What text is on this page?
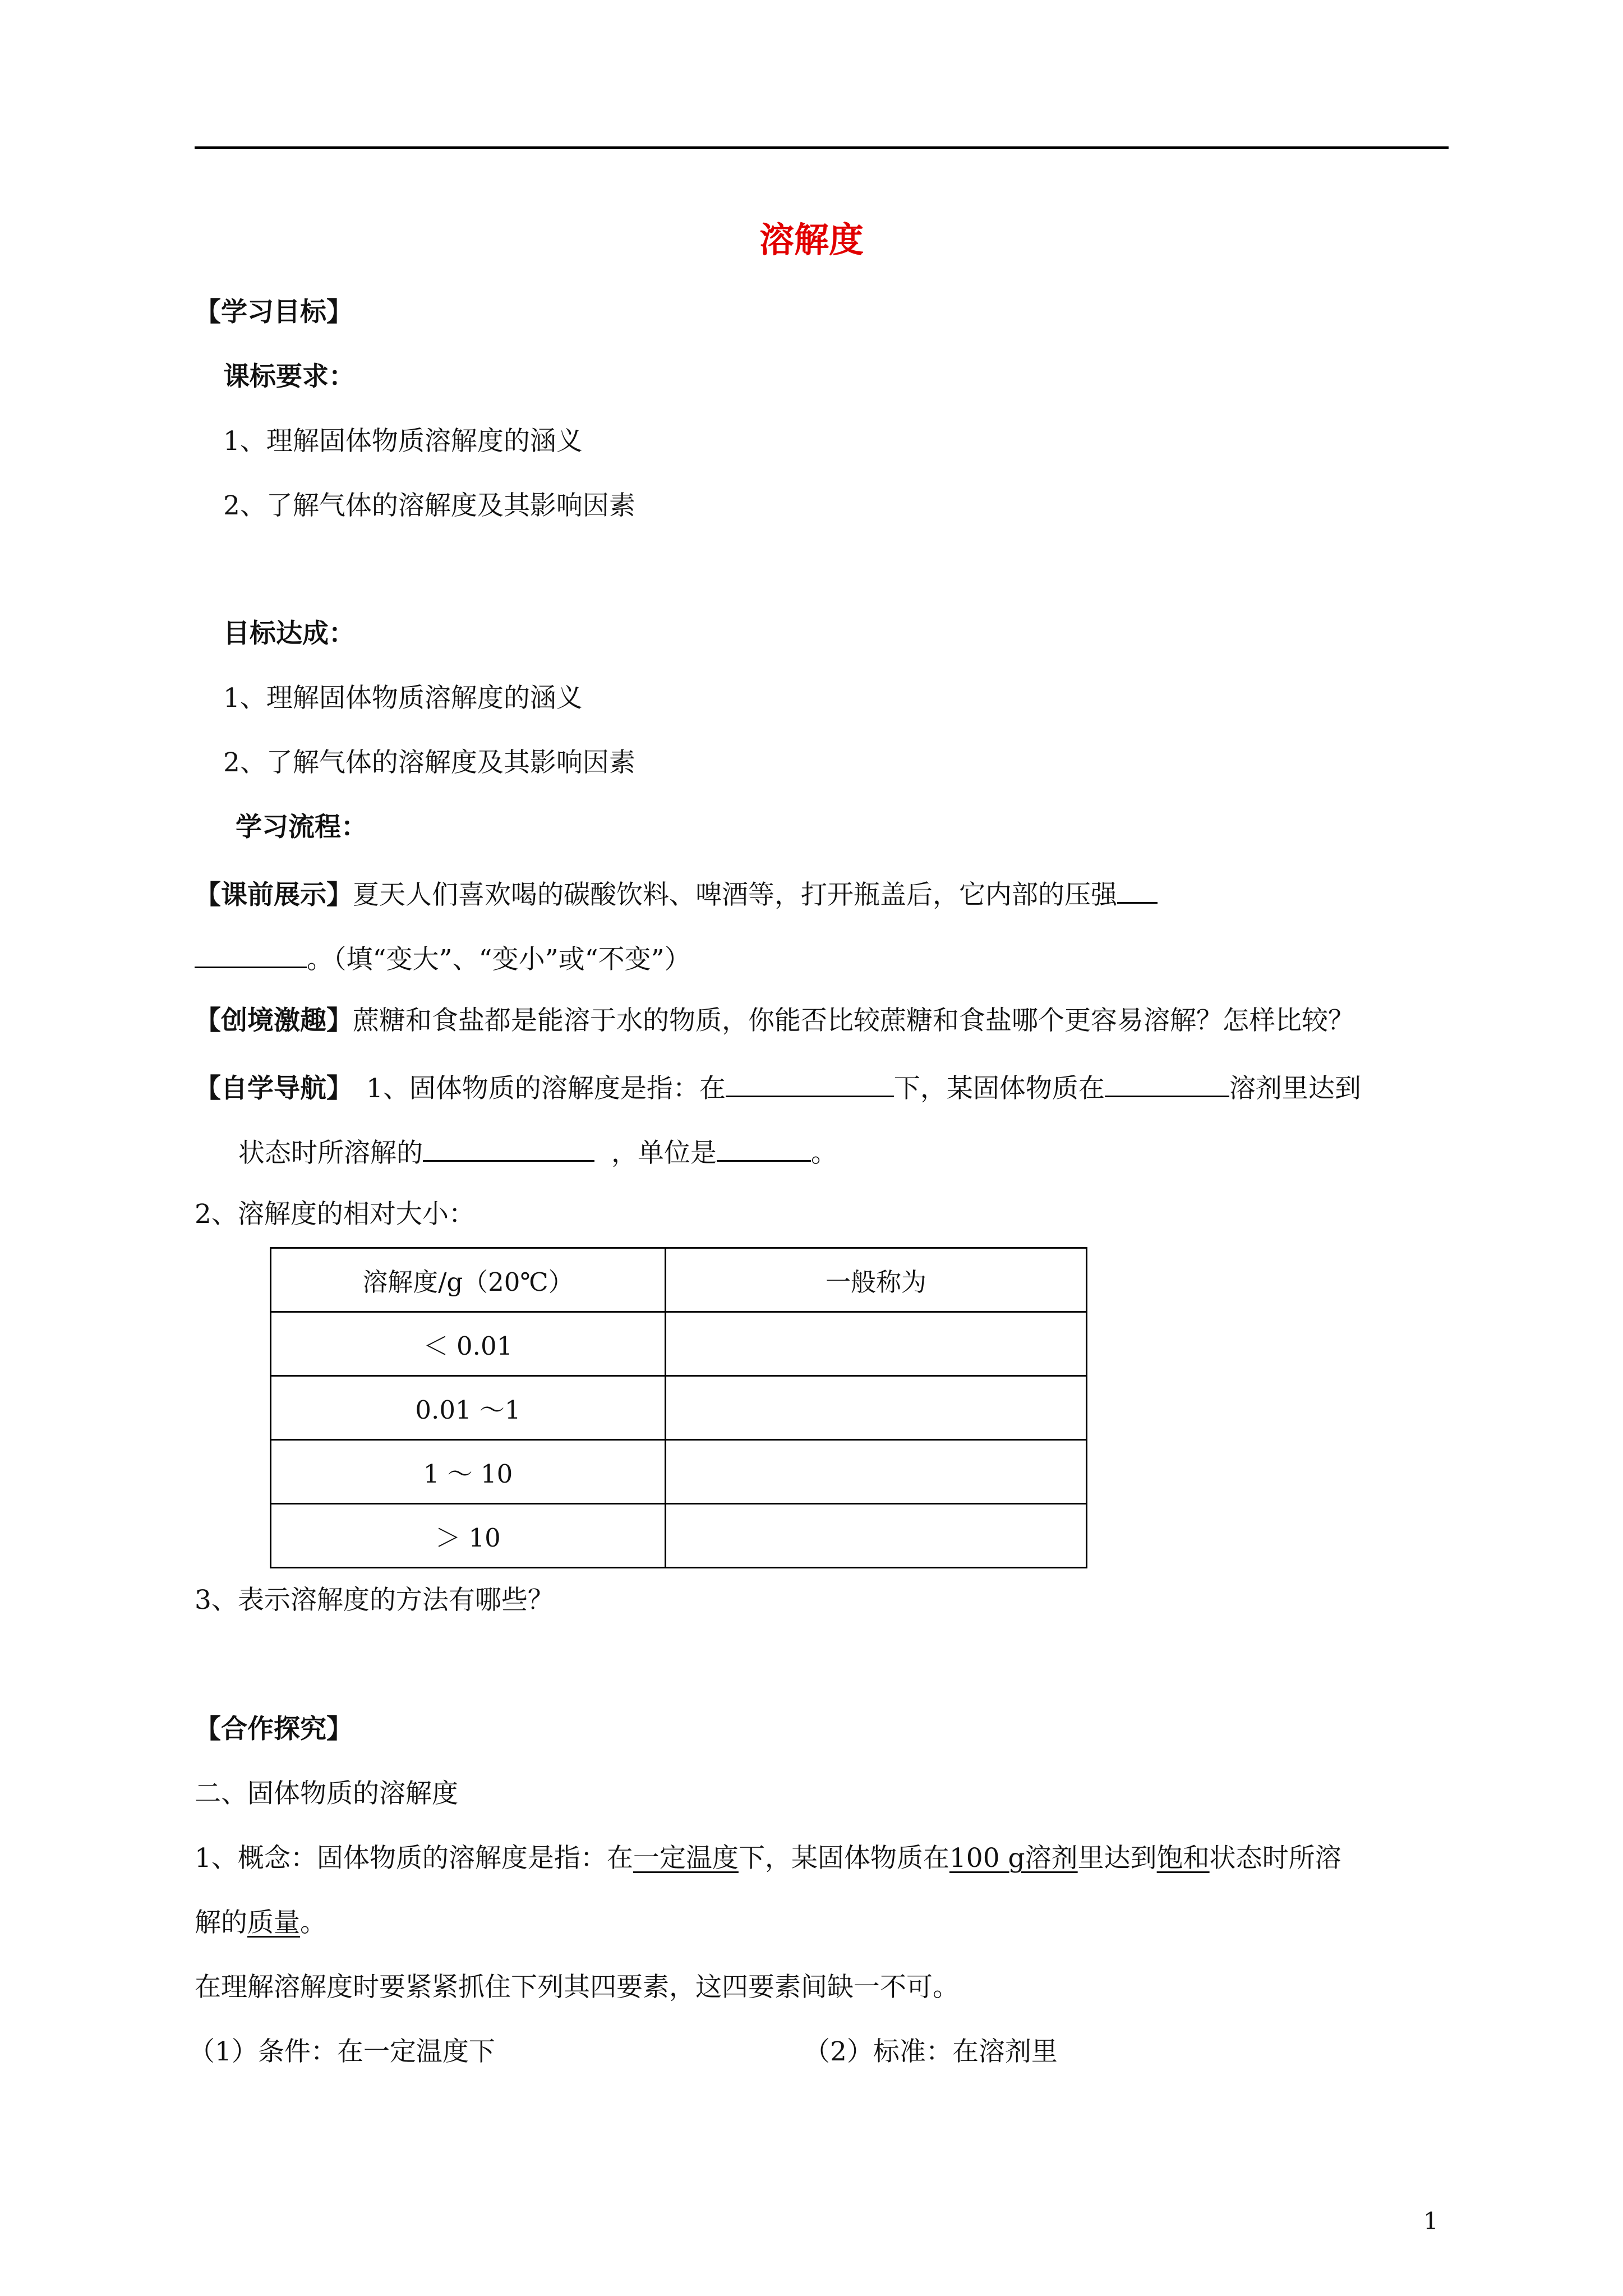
溶解度
【学习目标】
课标要求：
1、理解固体物质溶解度的涵义
2、了解气体的溶解度及其影响因素
目标达成：
1、理解固体物质溶解度的涵义
2、了解气体的溶解度及其影响因素
学习流程：
【课前展示】夏天人们喜欢喝的碳酸饮料、啤酒等，打开瓶盖后，它内部的压强
。（填“变大”、“变小”或“不变”）
【创境激趣】蔗糖和食盐都是能溶于水的物质，你能否比较蔗糖和食盐哪个更容易溶解？怎样比较？
【自学导航】 1、固体物质的溶解度是指：在	下，某固体物质在	溶剂里达到
状态时所溶解的	，单位是	。
2、溶解度的相对大小：
溶解度/g（20℃）	一般称为
＜ 0.01	
0.01 ～1	
1 ～ 10	
＞ 10	
3、表示溶解度的方法有哪些？
【合作探究】
二、固体物质的溶解度
1、概念：固体物质的溶解度是指：在一定温度下，某固体物质在100 g溶剂里达到饱和状态时所溶
解的质量。
在理解溶解度时要紧紧抓住下列其四要素，这四要素间缺一不可。
（1）条件：在一定温度下	（2）标准：在溶剂里
1
